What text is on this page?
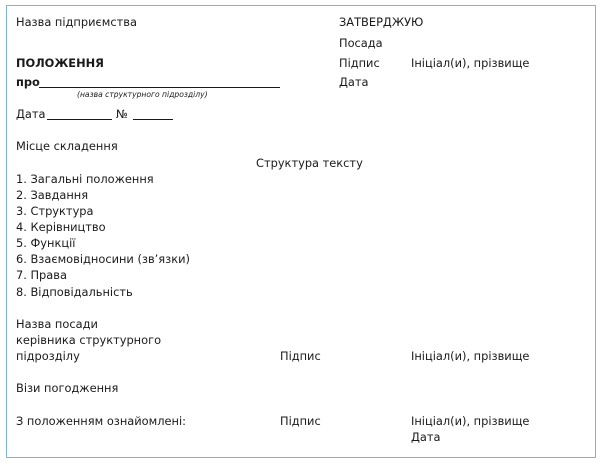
Назва підприємства	ЗАТВЕРДЖУЮ
Посада
ПОЛОЖЕННЯ	Підпис	Ініціал(и), прізвище
про	Дата
(назва структурного підрозділу)
Дата	№
Місце складення
Структура тексту
1. Загальні положення
2. Завдання
3. Структура
4. Керівництво
5. Функції
6. Взаємовідносини (зв’язки)
7. Права
8. Відповідальність
Назва посади
керівника структурного
підрозділу	Підпис	Ініціал(и), прізвище
Візи погодження
З положенням ознайомлені:	Підпис	Ініціал(и), прізвище
Дата
